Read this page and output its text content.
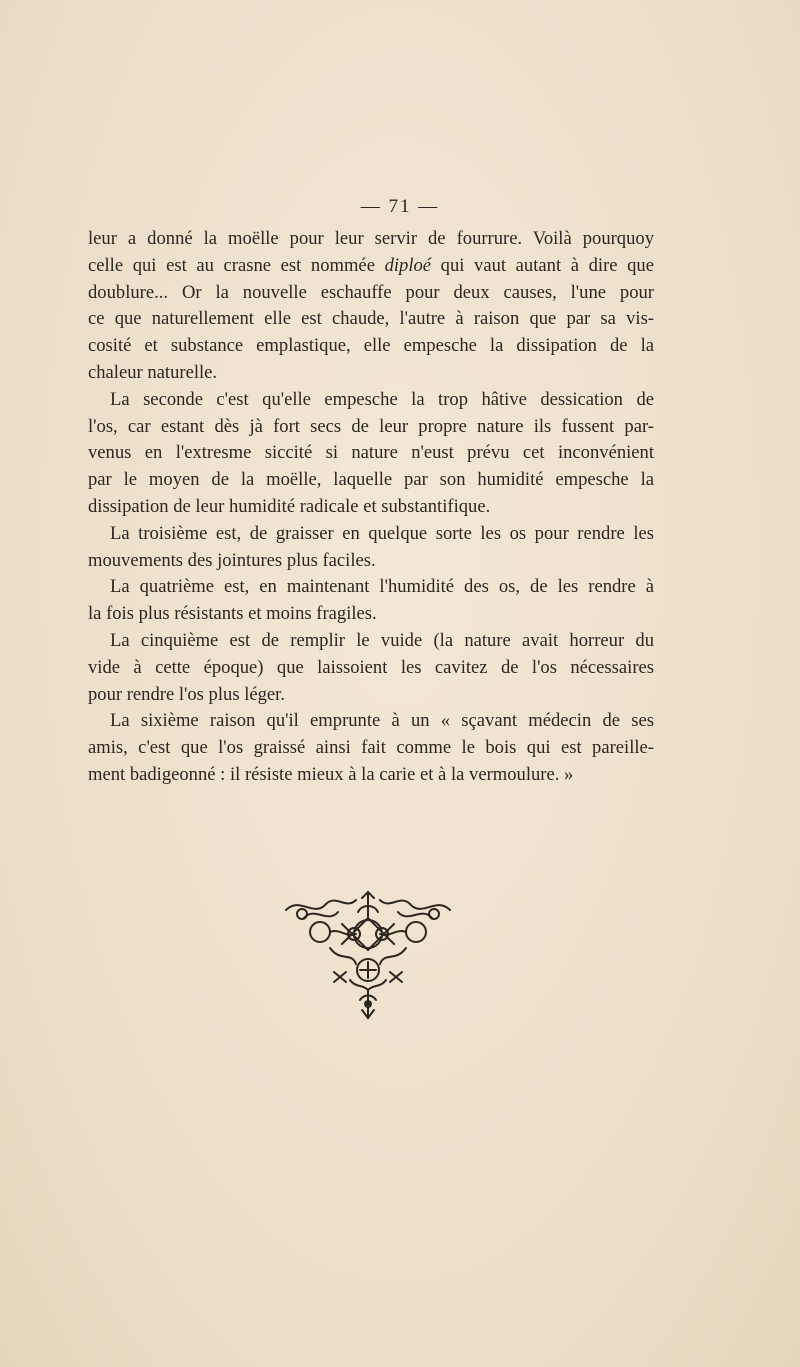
— 71 —
leur a donné la moëlle pour leur servir de fourrure. Voilà pourquoy
celle qui est au crasne est nommée diploé qui vaut autant à dire que
doublure... Or la nouvelle eschauffe pour deux causes, l'une pour
ce que naturellement elle est chaude, l'autre à raison que par sa vis-
cosité et substance emplastique, elle empesche la dissipation de la
chaleur naturelle.
La seconde c'est qu'elle empesche la trop hâtive dessication de
l'os, car estant dès jà fort secs de leur propre nature ils fussent par-
venus en l'extresme siccité si nature n'eust prévu cet inconvénient
par le moyen de la moëlle, laquelle par son humidité empesche la
dissipation de leur humidité radicale et substantifique.
La troisième est, de graisser en quelque sorte les os pour rendre les
mouvements des jointures plus faciles.
La quatrième est, en maintenant l'humidité des os, de les rendre à
la fois plus résistants et moins fragiles.
La cinquième est de remplir le vuide (la nature avait horreur du
vide à cette époque) que laissoient les cavitez de l'os nécessaires
pour rendre l'os plus léger.
La sixième raison qu'il emprunte à un « sçavant médecin de ses
amis, c'est que l'os graissé ainsi fait comme le bois qui est pareille-
ment badigeonné : il résiste mieux à la carie et à la vermoulure. »
